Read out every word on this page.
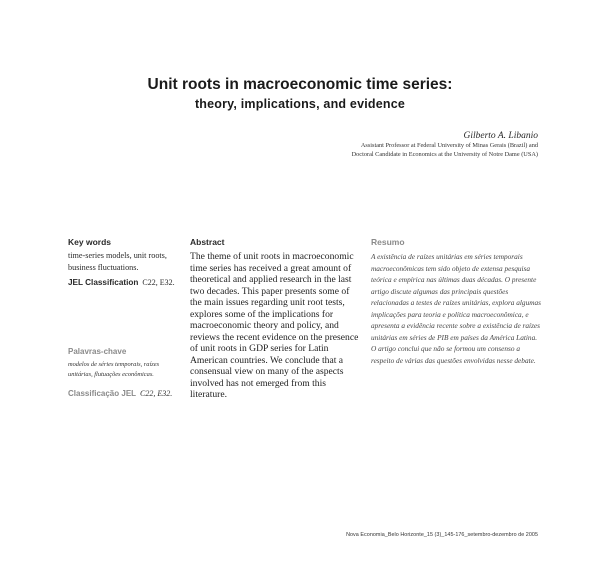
Unit roots in macroeconomic time series:
theory, implications, and evidence
Gilberto A. Libanio
Assistant Professor at Federal University of Minas Gerais (Brazil) and
Doctoral Candidate in Economics at the University of Notre Dame (USA)
Key words
time-series models, unit roots, business fluctuations.
JEL Classification C22, E32.
Palavras-chave
modelos de séries temporais, raízes unitárias, flutuações econômicas.
Classificação JEL C22, E32.
Abstract
The theme of unit roots in macroeconomic time series has received a great amount of theoretical and applied research in the last two decades. This paper presents some of the main issues regarding unit root tests, explores some of the implications for macroeconomic theory and policy, and reviews the recent evidence on the presence of unit roots in GDP series for Latin American countries. We conclude that a consensual view on many of the aspects involved has not emerged from this literature.
Resumo
A existência de raízes unitárias em séries temporais macroeconômicas tem sido objeto de extensa pesquisa teórica e empírica nas últimas duas décadas. O presente artigo discute algumas das principais questões relacionadas a testes de raízes unitárias, explora algumas implicações para teoria e política macroeconômica, e apresenta a evidência recente sobre a existência de raízes unitárias em séries de PIB em países da América Latina. O artigo conclui que não se formou um consenso a respeito de várias das questões envolvidas nesse debate.
Nova Economia_Belo Horizonte_15 (3)_145-176_setembro-dezembro de 2005
